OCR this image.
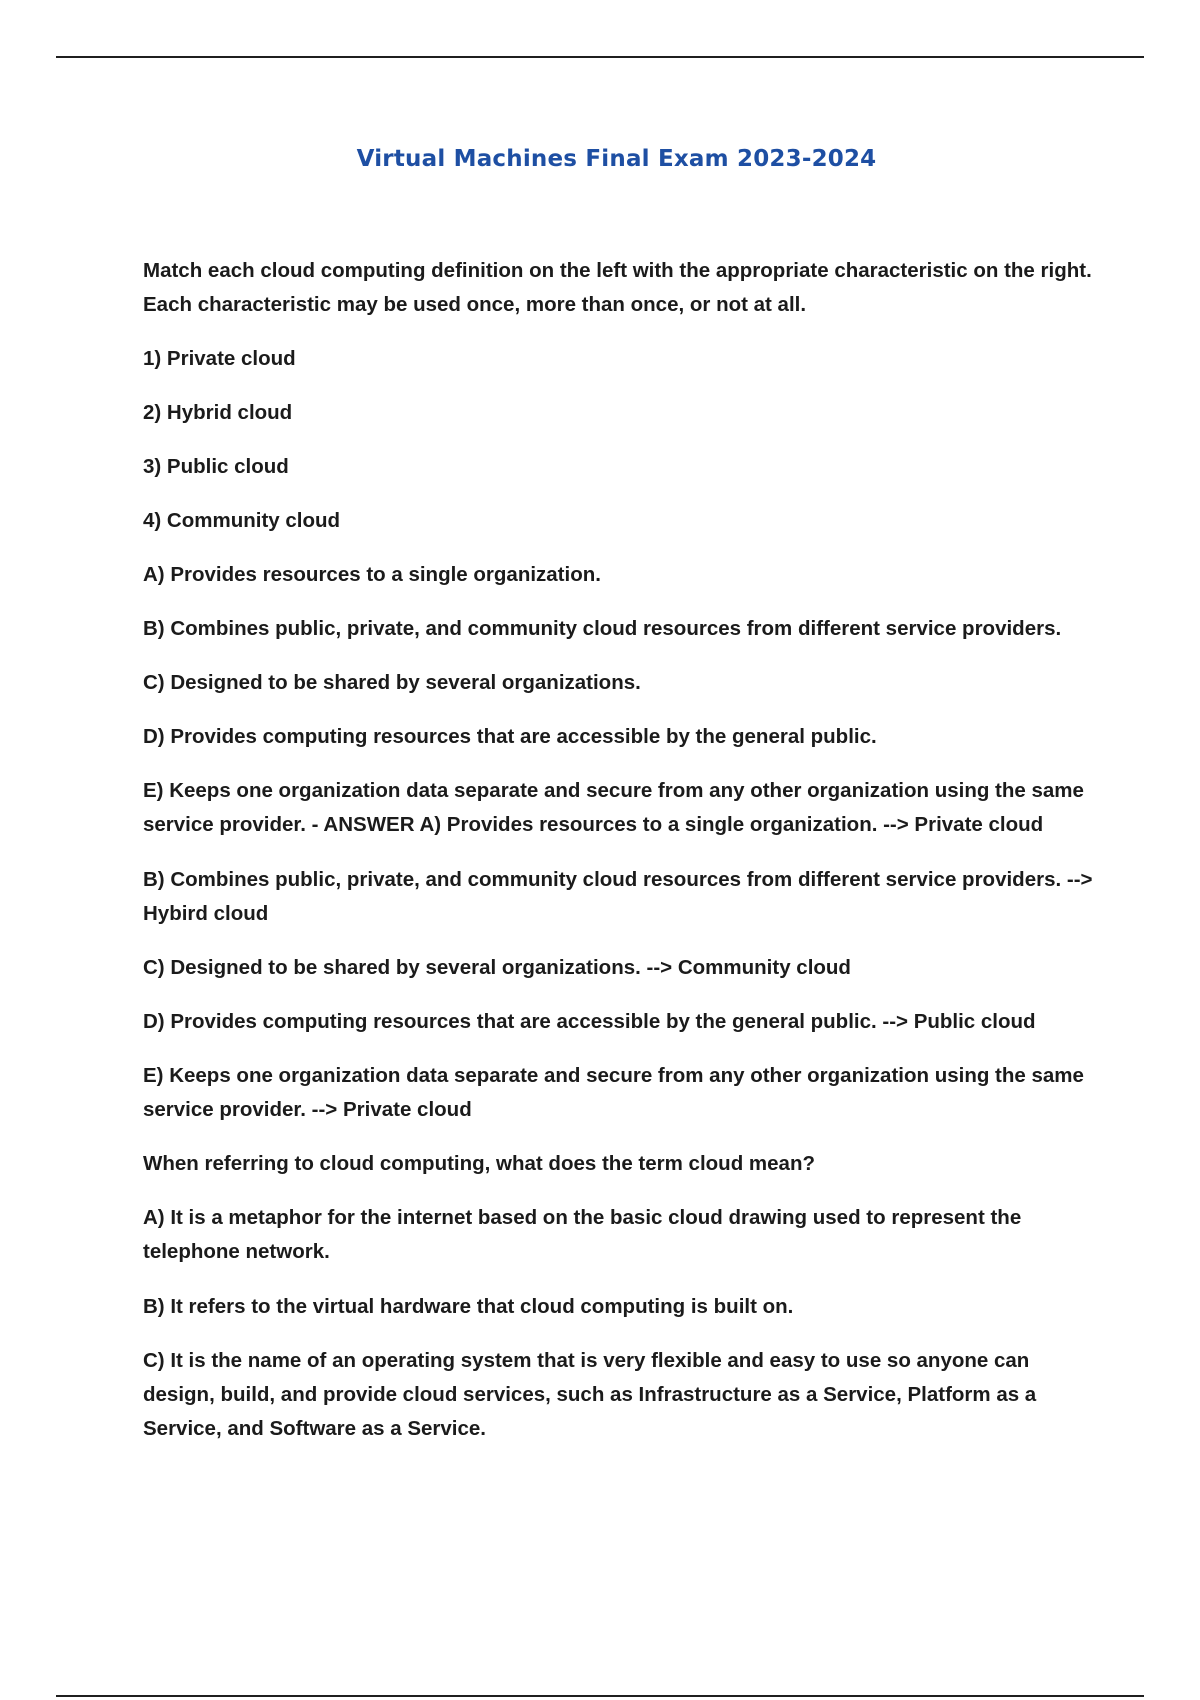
Virtual Machines Final Exam 2023-2024

Match each cloud computing definition on the left with the appropriate characteristic on the right. Each characteristic may be used once, more than once, or not at all.

1) Private cloud

2) Hybrid cloud

3) Public cloud

4) Community cloud

A) Provides resources to a single organization.

B) Combines public, private, and community cloud resources from different service providers.

C) Designed to be shared by several organizations.

D) Provides computing resources that are accessible by the general public.

E) Keeps one organization data separate and secure from any other organization using the same service provider. - ANSWER A) Provides resources to a single organization. --> Private cloud

B) Combines public, private, and community cloud resources from different service providers. --> Hybird cloud

C) Designed to be shared by several organizations. --> Community cloud

D) Provides computing resources that are accessible by the general public. --> Public cloud

E) Keeps one organization data separate and secure from any other organization using the same service provider. --> Private cloud

When referring to cloud computing, what does the term cloud mean?

A) It is a metaphor for the internet based on the basic cloud drawing used to represent the telephone network.

B) It refers to the virtual hardware that cloud computing is built on.

C) It is the name of an operating system that is very flexible and easy to use so anyone can design, build, and provide cloud services, such as Infrastructure as a Service, Platform as a Service, and Software as a Service.
